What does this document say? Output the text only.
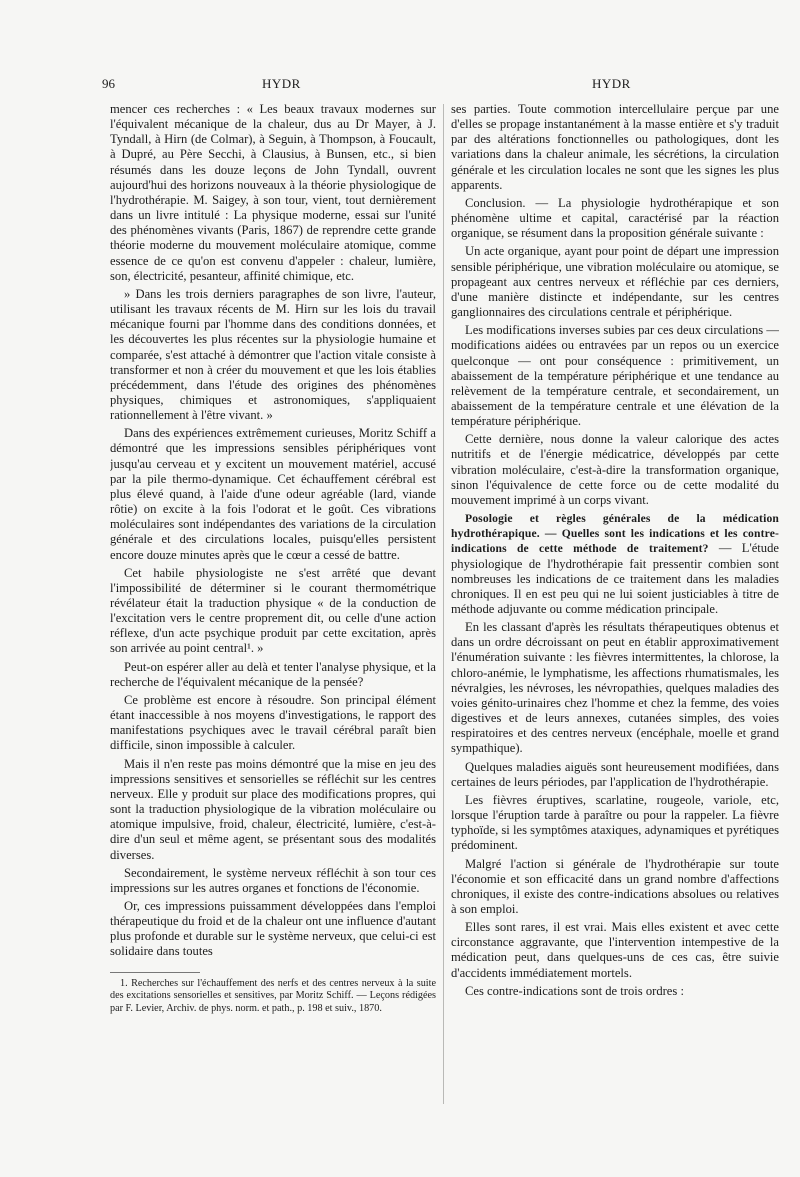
96	HYDR	HYDR

mencer ces recherches : « Les beaux travaux modernes sur l'équivalent mécanique de la chaleur, dus au Dr Mayer, à J. Tyndall, à Hirn (de Colmar), à Seguin, à Thompson, à Foucault, à Dupré, au Père Secchi, à Clausius, à Bunsen, etc., si bien résumés dans les douze leçons de John Tyndall, ouvrent aujourd'hui des horizons nouveaux à la théorie physiologique de l'hydrothérapie. M. Saigey, à son tour, vient, tout dernièrement dans un livre intitulé : La physique moderne, essai sur l'unité des phénomènes vivants (Paris, 1867) de reprendre cette grande théorie moderne du mouvement moléculaire atomique, comme essence de ce qu'on est convenu d'appeler : chaleur, lumière, son, électricité, pesanteur, affinité chimique, etc.

» Dans les trois derniers paragraphes de son livre, l'auteur, utilisant les travaux récents de M. Hirn sur les lois du travail mécanique fourni par l'homme dans des conditions données, et les découvertes les plus récentes sur la physiologie humaine et comparée, s'est attaché à démontrer que l'action vitale consiste à transformer et non à créer du mouvement et que les lois établies précédemment, dans l'étude des origines des phénomènes physiques, chimiques et astronomiques, s'appliquaient rationnellement à l'être vivant. »

Dans des expériences extrêmement curieuses, Moritz Schiff a démontré que les impressions sensibles périphériques vont jusqu'au cerveau et y excitent un mouvement matériel, accusé par la pile thermo-dynamique. Cet échauffement cérébral est plus élevé quand, à l'aide d'une odeur agréable (lard, viande rôtie) on excite à la fois l'odorat et le goût. Ces vibrations moléculaires sont indépendantes des variations de la circulation générale et des circulations locales, puisqu'elles persistent encore douze minutes après que le cœur a cessé de battre.

Cet habile physiologiste ne s'est arrêté que devant l'impossibilité de déterminer si le courant thermométrique révélateur était la traduction physique « de la conduction de l'excitation vers le centre proprement dit, ou celle d'une action réflexe, d'un acte psychique produit par cette excitation, après son arrivée au point central¹. »

Peut-on espérer aller au delà et tenter l'analyse physique, et la recherche de l'équivalent mécanique de la pensée?

Ce problème est encore à résoudre. Son principal élément étant inaccessible à nos moyens d'investigations, le rapport des manifestations psychiques avec le travail cérébral paraît bien difficile, sinon impossible à calculer.

Mais il n'en reste pas moins démontré que la mise en jeu des impressions sensitives et sensorielles se réfléchit sur les centres nerveux. Elle y produit sur place des modifications propres, qui sont la traduction physiologique de la vibration moléculaire ou atomique impulsive, froid, chaleur, électricité, lumière, c'est-à-dire d'un seul et même agent, se présentant sous des modalités diverses.

Secondairement, le système nerveux réfléchit à son tour ces impressions sur les autres organes et fonctions de l'économie.

Or, ces impressions puissamment développées dans l'emploi thérapeutique du froid et de la chaleur ont une influence d'autant plus profonde et durable sur le système nerveux, que celui-ci est solidaire dans toutes

1. Recherches sur l'échauffement des nerfs et des centres nerveux à la suite des excitations sensorielles et sensitives, par Moritz Schiff. — Leçons rédigées par F. Levier, Archiv. de phys. norm. et path., p. 198 et suiv., 1870.

ses parties. Toute commotion intercellulaire perçue par une d'elles se propage instantanément à la masse entière et s'y traduit par des altérations fonctionnelles ou pathologiques, dont les variations dans la chaleur animale, les sécrétions, la circulation générale et les circulation locales ne sont que les signes les plus apparents.

Conclusion. — La physiologie hydrothérapique et son phénomène ultime et capital, caractérisé par la réaction organique, se résument dans la proposition générale suivante :

Un acte organique, ayant pour point de départ une impression sensible périphérique, une vibration moléculaire ou atomique, se propageant aux centres nerveux et réfléchie par ces derniers, d'une manière distincte et indépendante, sur les centres ganglionnaires des circulations centrale et périphérique.

Les modifications inverses subies par ces deux circulations — modifications aidées ou entravées par un repos ou un exercice quelconque — ont pour conséquence : primitivement, un abaissement de la température périphérique et une tendance au relèvement de la température centrale, et secondairement, un abaissement de la température centrale et une élévation de la température périphérique.

Cette dernière, nous donne la valeur calorique des actes nutritifs et de l'énergie médicatrice, développés par cette vibration moléculaire, c'est-à-dire la transformation organique, sinon l'équivalence de cette force ou de cette modalité du mouvement imprimé à un corps vivant.

Posologie et règles générales de la médication hydrothérapique. — Quelles sont les indications et les contre-indications de cette méthode de traitement? — L'étude physiologique de l'hydrothérapie fait pressentir combien sont nombreuses les indications de ce traitement dans les maladies chroniques. Il en est peu qui ne lui soient justiciables à titre de méthode adjuvante ou comme médication principale.

En les classant d'après les résultats thérapeutiques obtenus et dans un ordre décroissant on peut en établir approximativement l'énumération suivante : les fièvres intermittentes, la chlorose, la chloro-anémie, le lymphatisme, les affections rhumatismales, les névralgies, les névroses, les névropathies, quelques maladies des voies génito-urinaires chez l'homme et chez la femme, des voies digestives et de leurs annexes, cutanées simples, des voies respiratoires et des centres nerveux (encéphale, moelle et grand sympathique).

Quelques maladies aiguës sont heureusement modifiées, dans certaines de leurs périodes, par l'application de l'hydrothérapie.

Les fièvres éruptives, scarlatine, rougeole, variole, etc, lorsque l'éruption tarde à paraître ou pour la rappeler. La fièvre typhoïde, si les symptômes ataxiques, adynamiques et pyrétiques prédominent.

Malgré l'action si générale de l'hydrothérapie sur toute l'économie et son efficacité dans un grand nombre d'affections chroniques, il existe des contre-indications absolues ou relatives à son emploi.

Elles sont rares, il est vrai. Mais elles existent et avec cette circonstance aggravante, que l'intervention intempestive de la médication peut, dans quelques-uns de ces cas, être suivie d'accidents immédiatement mortels.

Ces contre-indications sont de trois ordres :
